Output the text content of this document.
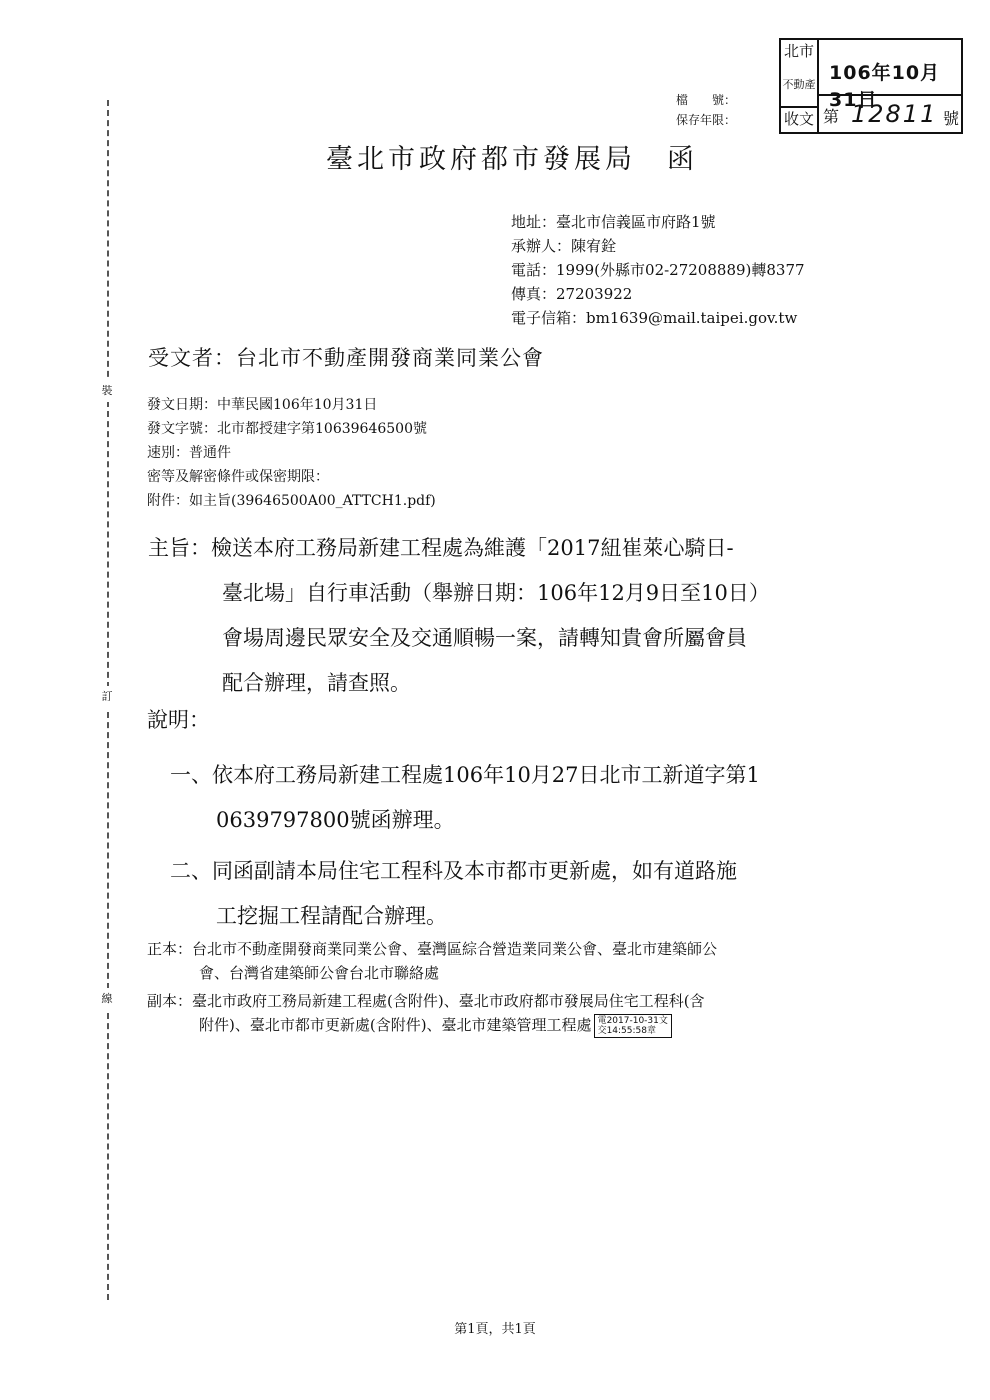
裝
訂
線
北市
不動產
收文
106年10月31日
第 12811 號
檔　　號：
保存年限：
臺北市政府都市發展局　函
地址：臺北市信義區市府路1號
承辦人：陳宥銓
電話：1999(外縣市02-27208889)轉8377
傳真：27203922
電子信箱：bm1639@mail.taipei.gov.tw
受文者：台北市不動產開發商業同業公會
發文日期：中華民國106年10月31日
發文字號：北市都授建字第10639646500號
速別：普通件
密等及解密條件或保密期限：
附件：如主旨(39646500A00_ATTCH1.pdf)
主旨：檢送本府工務局新建工程處為維護「2017紐崔萊心騎日-
臺北場」自行車活動（舉辦日期：106年12月9日至10日）
會場周邊民眾安全及交通順暢一案，請轉知貴會所屬會員
配合辦理，請查照。
說明：
一、依本府工務局新建工程處106年10月27日北市工新道字第1
0639797800號函辦理。
二、同函副請本局住宅工程科及本市都市更新處，如有道路施
工挖掘工程請配合辦理。
正本：台北市不動產開發商業同業公會、臺灣區綜合營造業同業公會、臺北市建築師公
會、台灣省建築師公會台北市聯絡處
副本：臺北市政府工務局新建工程處(含附件)、臺北市政府都市發展局住宅工程科(含
附件)、臺北市都市更新處(含附件)、臺北市建築管理工程處 電2017-10-31文
交14:55:58章
第1頁，共1頁
